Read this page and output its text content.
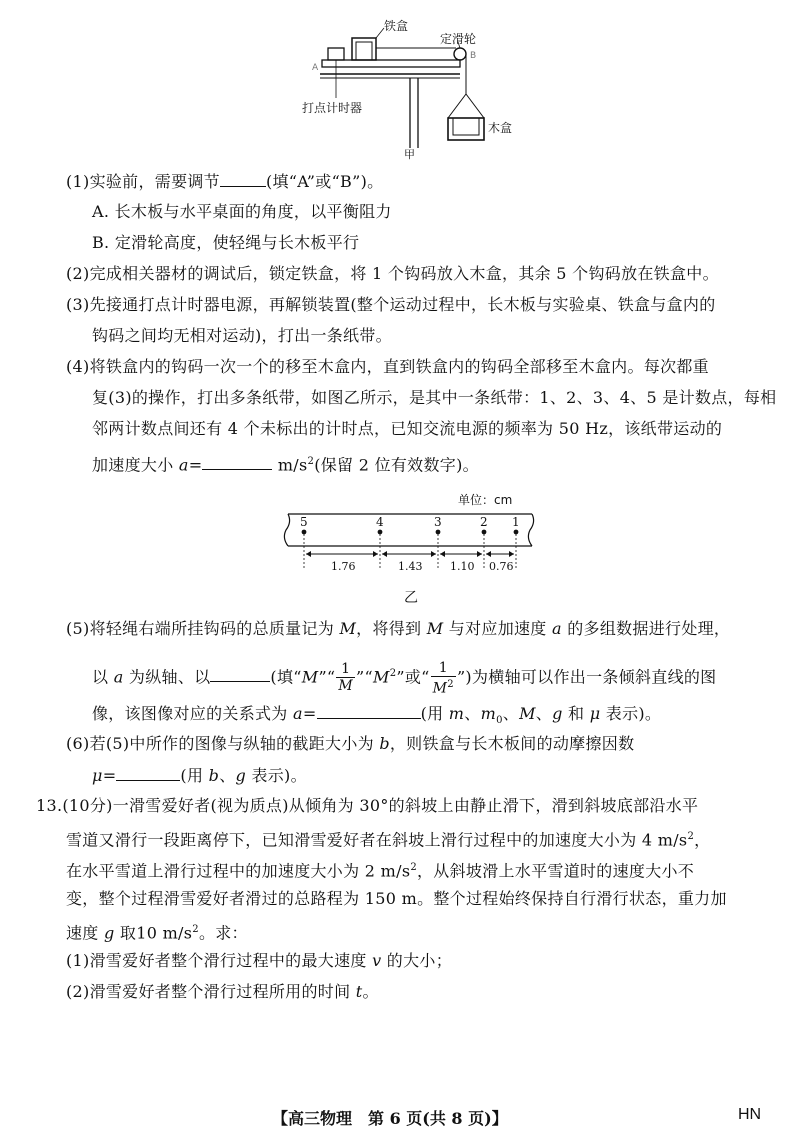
铁盒
定滑轮
打点计时器
木盒
甲
A
B
(1)实验前，需要调节	(填“A”或“B”)。
A. 长木板与水平桌面的角度，以平衡阻力
B. 定滑轮高度，使轻绳与长木板平行
(2)完成相关器材的调试后，锁定铁盒，将 1 个钩码放入木盒，其余 5 个钩码放在铁盒中。
(3)先接通打点计时器电源，再解锁装置(整个运动过程中，长木板与实验桌、铁盒与盒内的
钩码之间均无相对运动)，打出一条纸带。
(4)将铁盒内的钩码一次一个的移至木盒内，直到铁盒内的钩码全部移至木盒内。每次都重
复(3)的操作，打出多条纸带，如图乙所示，是其中一条纸带：1、2、3、4、5 是计数点，每相
邻两计数点间还有 4 个未标出的计时点，已知交流电源的频率为 50 Hz，该纸带运动的
加速度大小 a=	$m/s^2$(保留 2 位有效数字)。
单位：cm
5	4	3	2 1
1.76	1.43	1.10 0.76
乙
(5)将轻绳右端所挂钩码的总质量记为 M，将得到 M 与对应加速度 a 的多组数据进行处理，
以 a 为纵轴、以	(填“M”“ $\frac{1}{M}$ $”“M^2$”或“ $\frac{1}{M^2}$ ”)为横轴可以作出一条倾斜直线的图
像，该图像对应的关系式为 a=	(用 m、$m_0$、M、g 和 μ 表示)。
(6)若(5)中所作的图像与纵轴的截距大小为 b，则铁盒与长木板间的动摩擦因数
μ=	(用 b、g 表示)。
13.(10分)一滑雪爱好者(视为质点)从倾角为 30°的斜坡上由静止滑下，滑到斜坡底部沿水平
雪道又滑行一段距离停下，已知滑雪爱好者在斜坡上滑行过程中的加速度大小为 4 $m/s^2$，
在水平雪道上滑行过程中的加速度大小为 2 $m/s^2$，从斜坡滑上水平雪道时的速度大小不
变，整个过程滑雪爱好者滑过的总路程为 150 m。整个过程始终保持自行滑行状态，重力加
速度 g 取10 $m/s^2$。求：
(1)滑雪爱好者整个滑行过程中的最大速度 v 的大小；
(2)滑雪爱好者整个滑行过程所用的时间 t。
【高三物理　第 6 页(共 8 页)】	HN
